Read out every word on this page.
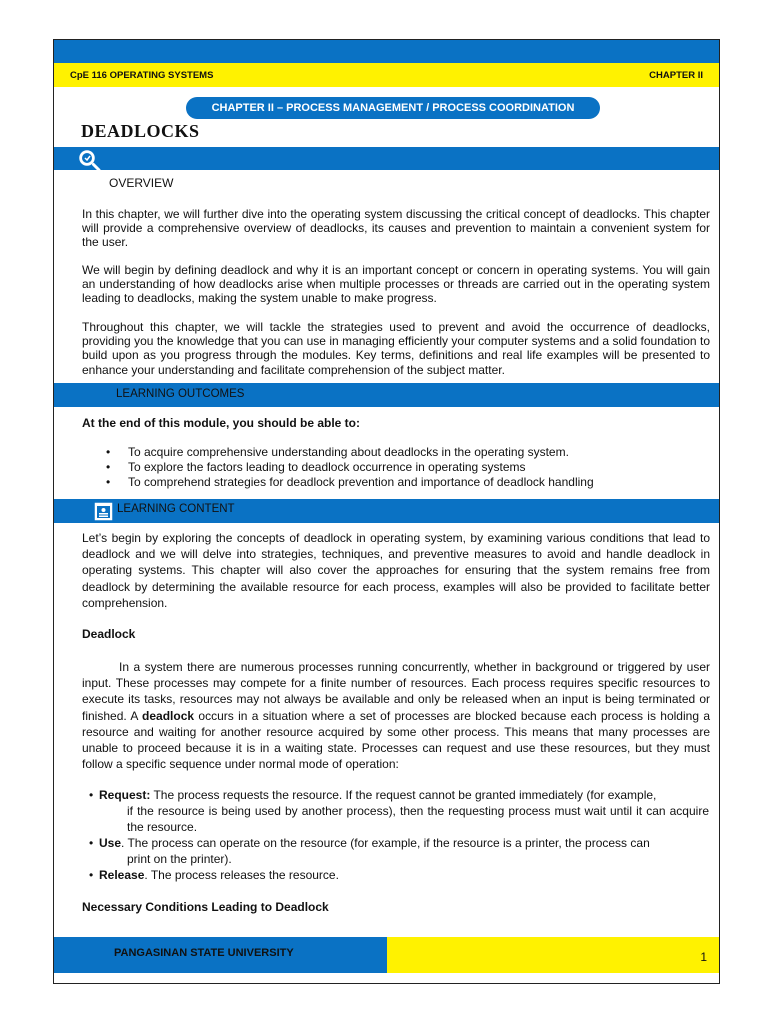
CpE 116 OPERATING SYSTEMS	CHAPTER II
CHAPTER II – PROCESS MANAGEMENT / PROCESS COORDINATION
DEADLOCKS
OVERVIEW

In this chapter, we will further dive into the operating system discussing the critical concept of deadlocks. This chapter will provide a comprehensive overview of deadlocks, its causes and prevention to maintain a convenient system for the user.

We will begin by defining deadlock and why it is an important concept or concern in operating systems. You will gain an understanding of how deadlocks arise when multiple processes or threads are carried out in the operating system leading to deadlocks, making the system unable to make progress.

Throughout this chapter, we will tackle the strategies used to prevent and avoid the occurrence of deadlocks, providing you the knowledge that you can use in managing efficiently your computer systems and a solid foundation to build upon as you progress through the modules. Key terms, definitions and real life examples will be presented to enhance your understanding and facilitate comprehension of the subject matter.

LEARNING OUTCOMES
At the end of this module, you should be able to:
• To acquire comprehensive understanding about deadlocks in the operating system.
• To explore the factors leading to deadlock occurrence in operating systems
• To comprehend strategies for deadlock prevention and importance of deadlock handling
LEARNING CONTENT

Let’s begin by exploring the concepts of deadlock in operating system, by examining various conditions that lead to deadlock and we will delve into strategies, techniques, and preventive measures to avoid and handle deadlock in operating systems. This chapter will also cover the approaches for ensuring that the system remains free from deadlock by determining the available resource for each process, examples will also be provided to facilitate better comprehension.

Deadlock

In a system there are numerous processes running concurrently, whether in background or triggered by user input. These processes may compete for a finite number of resources. Each process requires specific resources to execute its tasks, resources may not always be available and only be released when an input is being terminated or finished. A deadlock occurs in a situation where a set of processes are blocked because each process is holding a resource and waiting for another resource acquired by some other process. This means that many processes are unable to proceed because it is in a waiting state. Processes can request and use these resources, but they must follow a specific sequence under normal mode of operation:

• Request: The process requests the resource. If the request cannot be granted immediately (for example,
if the resource is being used by another process), then the requesting process must wait until it can acquire the resource.
• Use. The process can operate on the resource (for example, if the resource is a printer, the process can
print on the printer).
• Release. The process releases the resource.
Necessary Conditions Leading to Deadlock
PANGASINAN STATE UNIVERSITY	1
